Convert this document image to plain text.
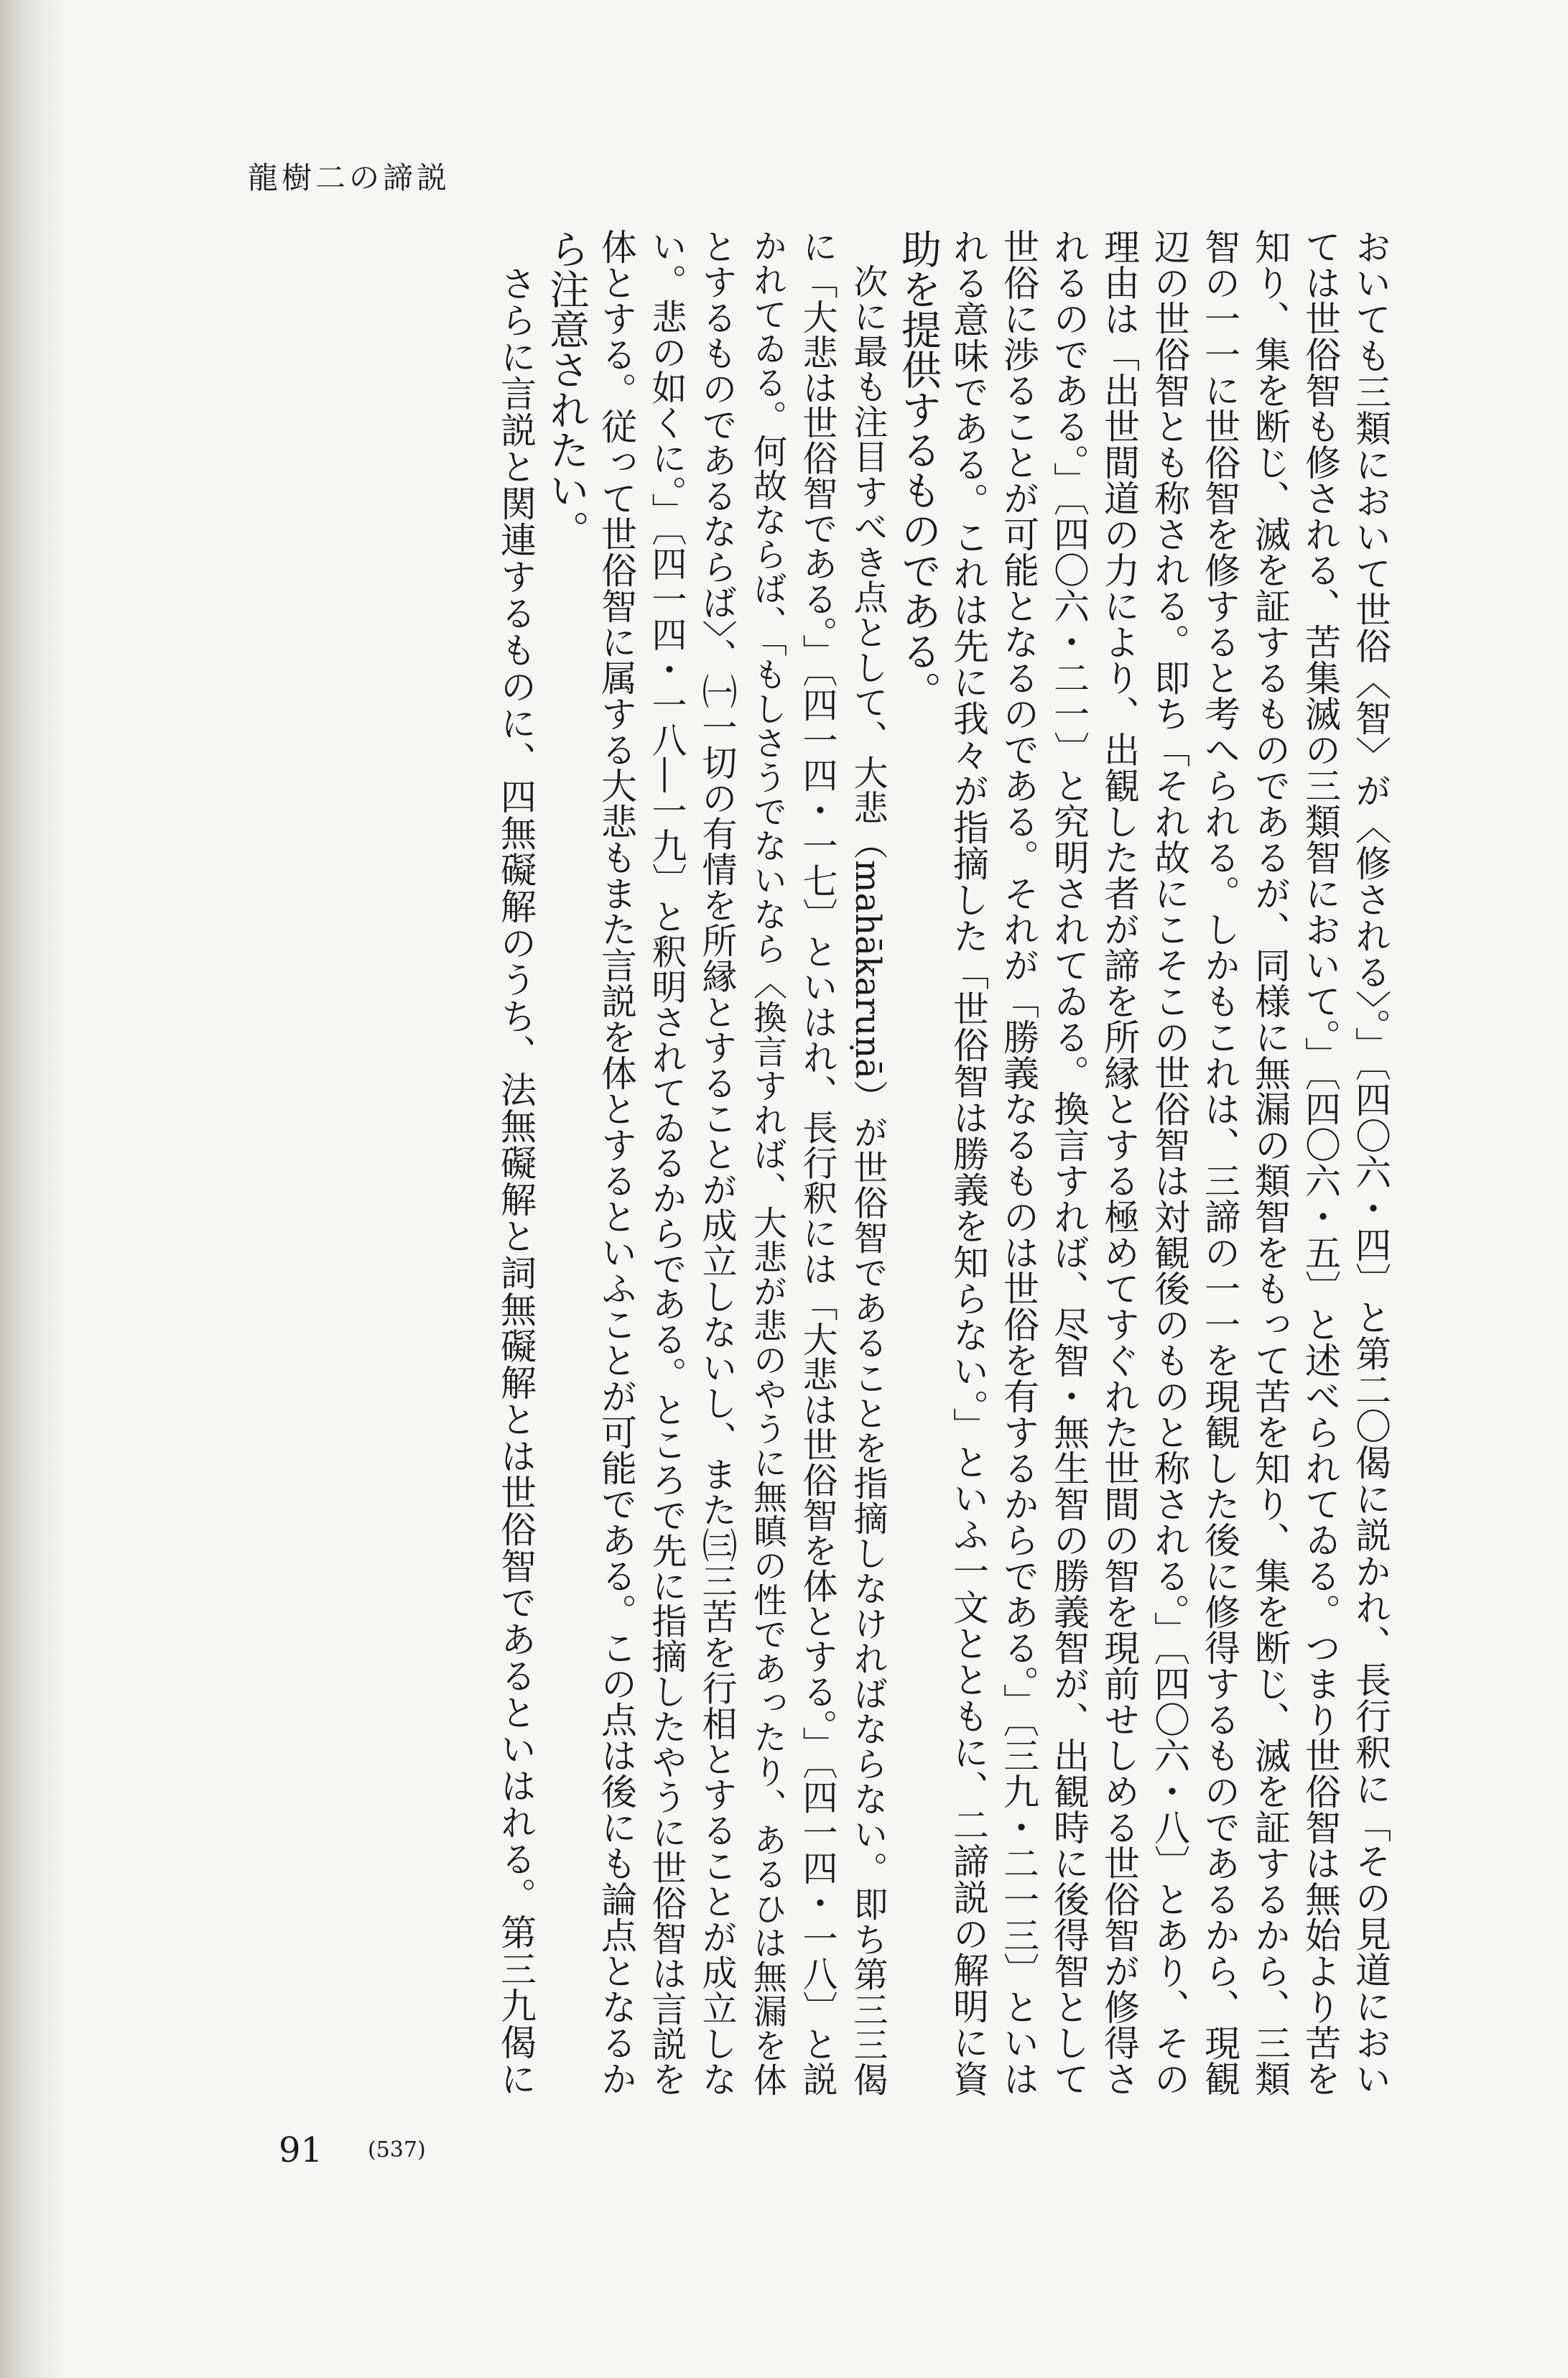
龍樹二の諦説
おいても三類において世俗〈智〉が〈修される〉。」〔四〇六・四〕と第二〇偈に説かれ、長行釈に「その見道におい
ては世俗智も修される、苦集滅の三類智において。」〔四〇六・五〕と述べられてゐる。つまり世俗智は無始より苦を
知り、集を断じ、滅を証するものであるが、同様に無漏の類智をもって苦を知り、集を断じ、滅を証するから、三類
智の一一に世俗智を修すると考へられる。しかもこれは、三諦の一一を現観した後に修得するものであるから、現観
辺の世俗智とも称される。即ち「それ故にこそこの世俗智は対観後のものと称される。」〔四〇六・八〕とあり、その
理由は「出世間道の力により、出観した者が諦を所縁とする極めてすぐれた世間の智を現前せしめる世俗智が修得さ
れるのである。」〔四〇六・二一〕と究明されてゐる。換言すれば、尽智・無生智の勝義智が、出観時に後得智として
世俗に渉ることが可能となるのである。それが「勝義なるものは世俗を有するからである。」〔三九・二一三〕といは
れる意味である。これは先に我々が指摘した「世俗智は勝義を知らない。」といふ一文とともに、二諦説の解明に資
助を提供するものである。
　次に最も注目すべき点として、大悲（mahākaruṇā）が世俗智であることを指摘しなければならない。即ち第三三偈
に「大悲は世俗智である。」〔四一四・一七〕といはれ、長行釈には「大悲は世俗智を体とする。」〔四一四・一八〕と説
かれてゐる。何故ならば、「もしさうでないなら〈換言すれば、大悲が悲のやうに無瞋の性であったり、あるひは無漏を体
とするものであるならば〉、㈠一切の有情を所縁とすることが成立しないし、また㈢三苦を行相とすることが成立しな
い。悲の如くに。」〔四一四・一八―一九〕と釈明されてゐるからである。ところで先に指摘したやうに世俗智は言説を
体とする。従って世俗智に属する大悲もまた言説を体とするといふことが可能である。この点は後にも論点となるか
ら注意されたい。
　さらに言説と関連するものに、四無礙解のうち、法無礙解と詞無礙解とは世俗智であるといはれる。第三九偈に
91 (537)
